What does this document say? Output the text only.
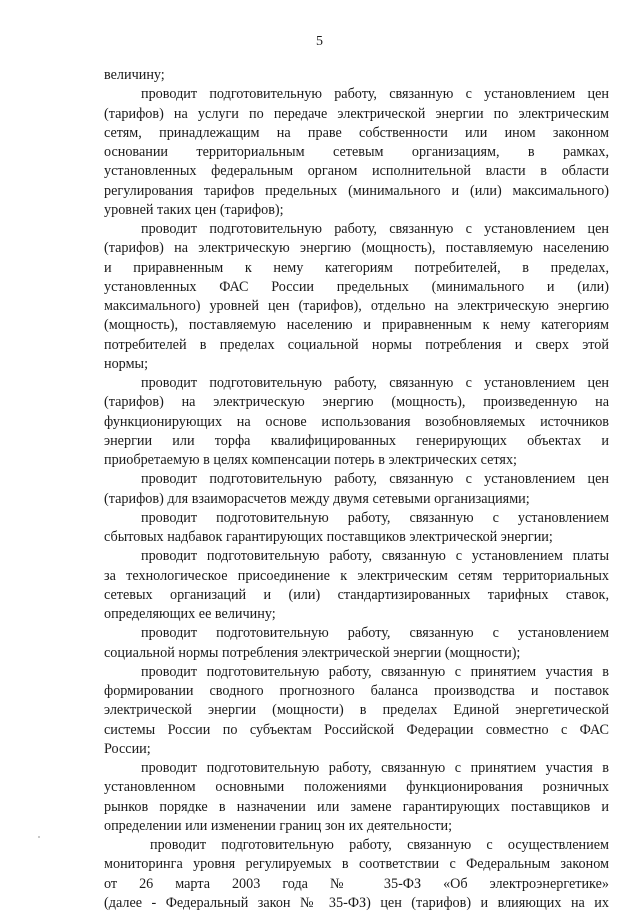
5
величину;
проводит подготовительную работу, связанную с установлением цен
(тарифов) на услуги по передаче электрической энергии по электрическим
сетям, принадлежащим на праве собственности или ином законном
основании территориальным сетевым организациям, в рамках,
установленных федеральным органом исполнительной власти в области
регулирования тарифов предельных (минимального и (или) максимального)
уровней таких цен (тарифов);
проводит подготовительную работу, связанную с установлением цен
(тарифов) на электрическую энергию (мощность), поставляемую населению
и приравненным к нему категориям потребителей, в пределах,
установленных ФАС России предельных (минимального и (или)
максимального) уровней цен (тарифов), отдельно на электрическую энергию
(мощность), поставляемую населению и приравненным к нему категориям
потребителей в пределах социальной нормы потребления и сверх этой
нормы;
проводит подготовительную работу, связанную с установлением цен
(тарифов) на электрическую энергию (мощность), произведенную на
функционирующих на основе использования возобновляемых источников
энергии или торфа квалифицированных генерирующих объектах и
приобретаемую в целях компенсации потерь в электрических сетях;
проводит подготовительную работу, связанную с установлением цен
(тарифов) для взаиморасчетов между двумя сетевыми организациями;
проводит подготовительную работу, связанную с установлением
сбытовых надбавок гарантирующих поставщиков электрической энергии;
проводит подготовительную работу, связанную с установлением платы
за технологическое присоединение к электрическим сетям территориальных
сетевых организаций и (или) стандартизированных тарифных ставок,
определяющих ее величину;
проводит подготовительную работу, связанную с установлением
социальной нормы потребления электрической энергии (мощности);
проводит подготовительную работу, связанную с принятием участия в
формировании сводного прогнозного баланса производства и поставок
электрической энергии (мощности) в пределах Единой энергетической
системы России по субъектам Российской Федерации совместно с ФАС
России;
проводит подготовительную работу, связанную с принятием участия в
установленном основными положениями функционирования розничных
рынков порядке в назначении или замене гарантирующих поставщиков и
определении или изменении границ зон их деятельности;
проводит подготовительную работу, связанную с осуществлением
мониторинга уровня регулируемых в соответствии с Федеральным законом
от 26 марта 2003 года № 35-ФЗ «Об электроэнергетике»
(далее - Федеральный закон № 35-ФЗ) цен (тарифов) и влияющих на их
